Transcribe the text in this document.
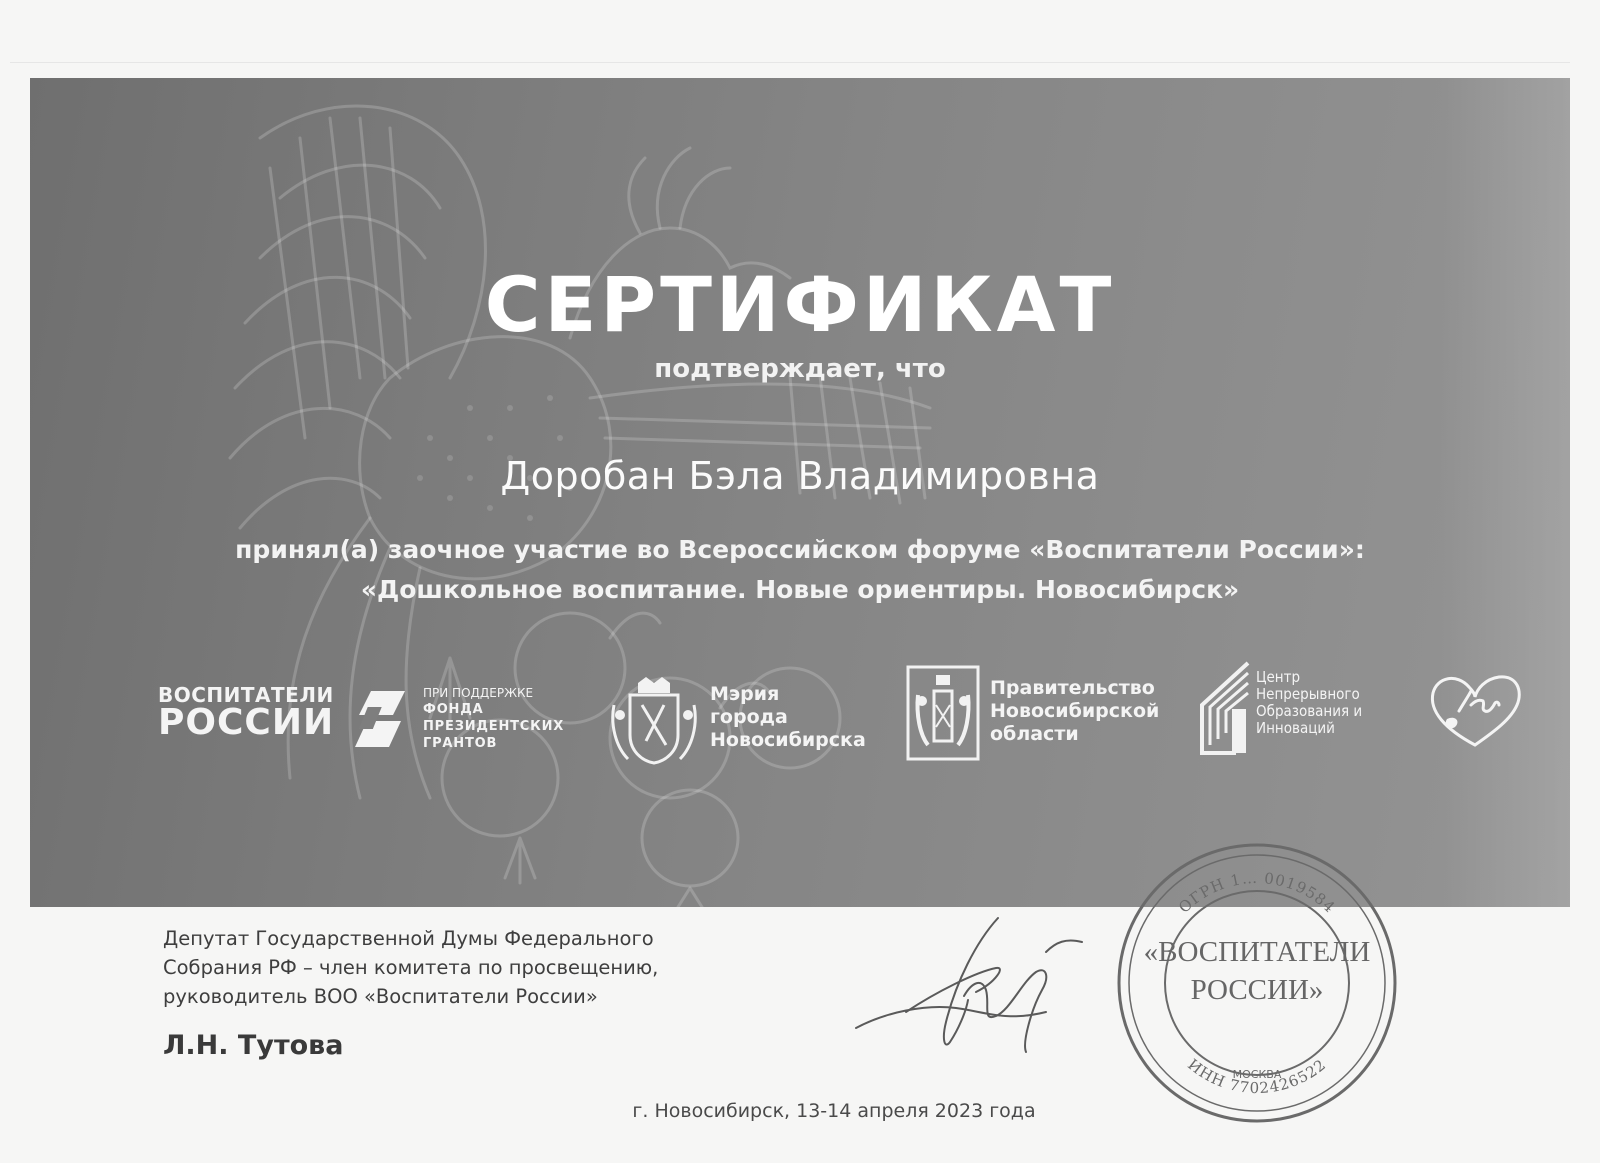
СЕРТИФИКАТ
подтверждает, что
Доробан Бэла Владимировна
принял(а) заочное участие во Всероссийском форуме «Воспитатели России»:
«Дошкольное воспитание. Новые ориентиры. Новосибирск»
ВОСПИТАТЕЛИ
РОССИИ
ПРИ ПОДДЕРЖКЕ
ФОНДА
ПРЕЗИДЕНТСКИХ
ГРАНТОВ
Мэрия
города
Новосибирска
Правительство
Новосибирской
области
Центр
Непрерывного
Образования и
Инноваций
Депутат Государственной Думы Федерального
Собрания РФ – член комитета по просвещению,
руководитель ВОО «Воспитатели России»
Л.Н. Тутова
ОГРН 1… 0019584
ИНН 7702426522
«ВОСПИТАТЕЛИ
РОССИИ»
МОСКВА
г. Новосибирск, 13-14 апреля 2023 года
